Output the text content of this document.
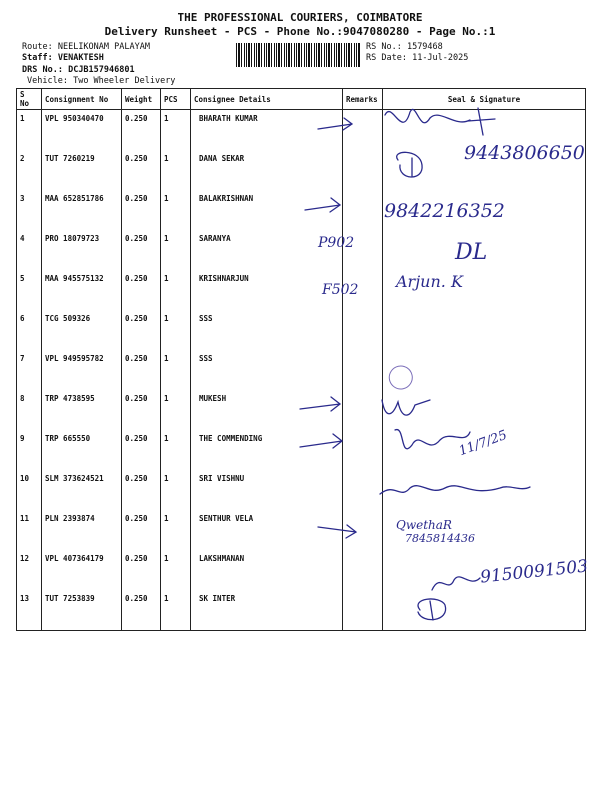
THE PROFESSIONAL COURIERS, COIMBATORE
Delivery Runsheet - PCS - Phone No.:9047080280 - Page No.:1
Route: NEELIKONAM PALAYAM
Staff: VENAKTESH
DRS No.: DCJB157946801
Vehicle: Two Wheeler Delivery
RS No.: 1579468
RS Date: 11-Jul-2025
S No	Consignment No	Weight	PCS	Consignee Details	Remarks	Seal & Signature
1	VPL 950340470	0.250	1	BHARATH KUMAR		
2	TUT 7260219	0.250	1	DANA SEKAR		
3	MAA 652851786	0.250	1	BALAKRISHNAN		
4	PRO 18079723	0.250	1	SARANYA		
5	MAA 945575132	0.250	1	KRISHNARJUN		
6	TCG 509326	0.250	1	SSS		
7	VPL 949595782	0.250	1	SSS		
8	TRP 4738595	0.250	1	MUKESH		
9	TRP 665550	0.250	1	THE COMMENDING		
10	SLM 373624521	0.250	1	SRI VISHNU		
11	PLN 2393874	0.250	1	SENTHUR VELA		
12	VPL 407364179	0.250	1	LAKSHMANAN		
13	TUT 7253839	0.250	1	SK INTER		
9443806650
9842216352
P902
F502 Arjun. K
DL
11/7/25
QwethaR
7845814436
9150091503
